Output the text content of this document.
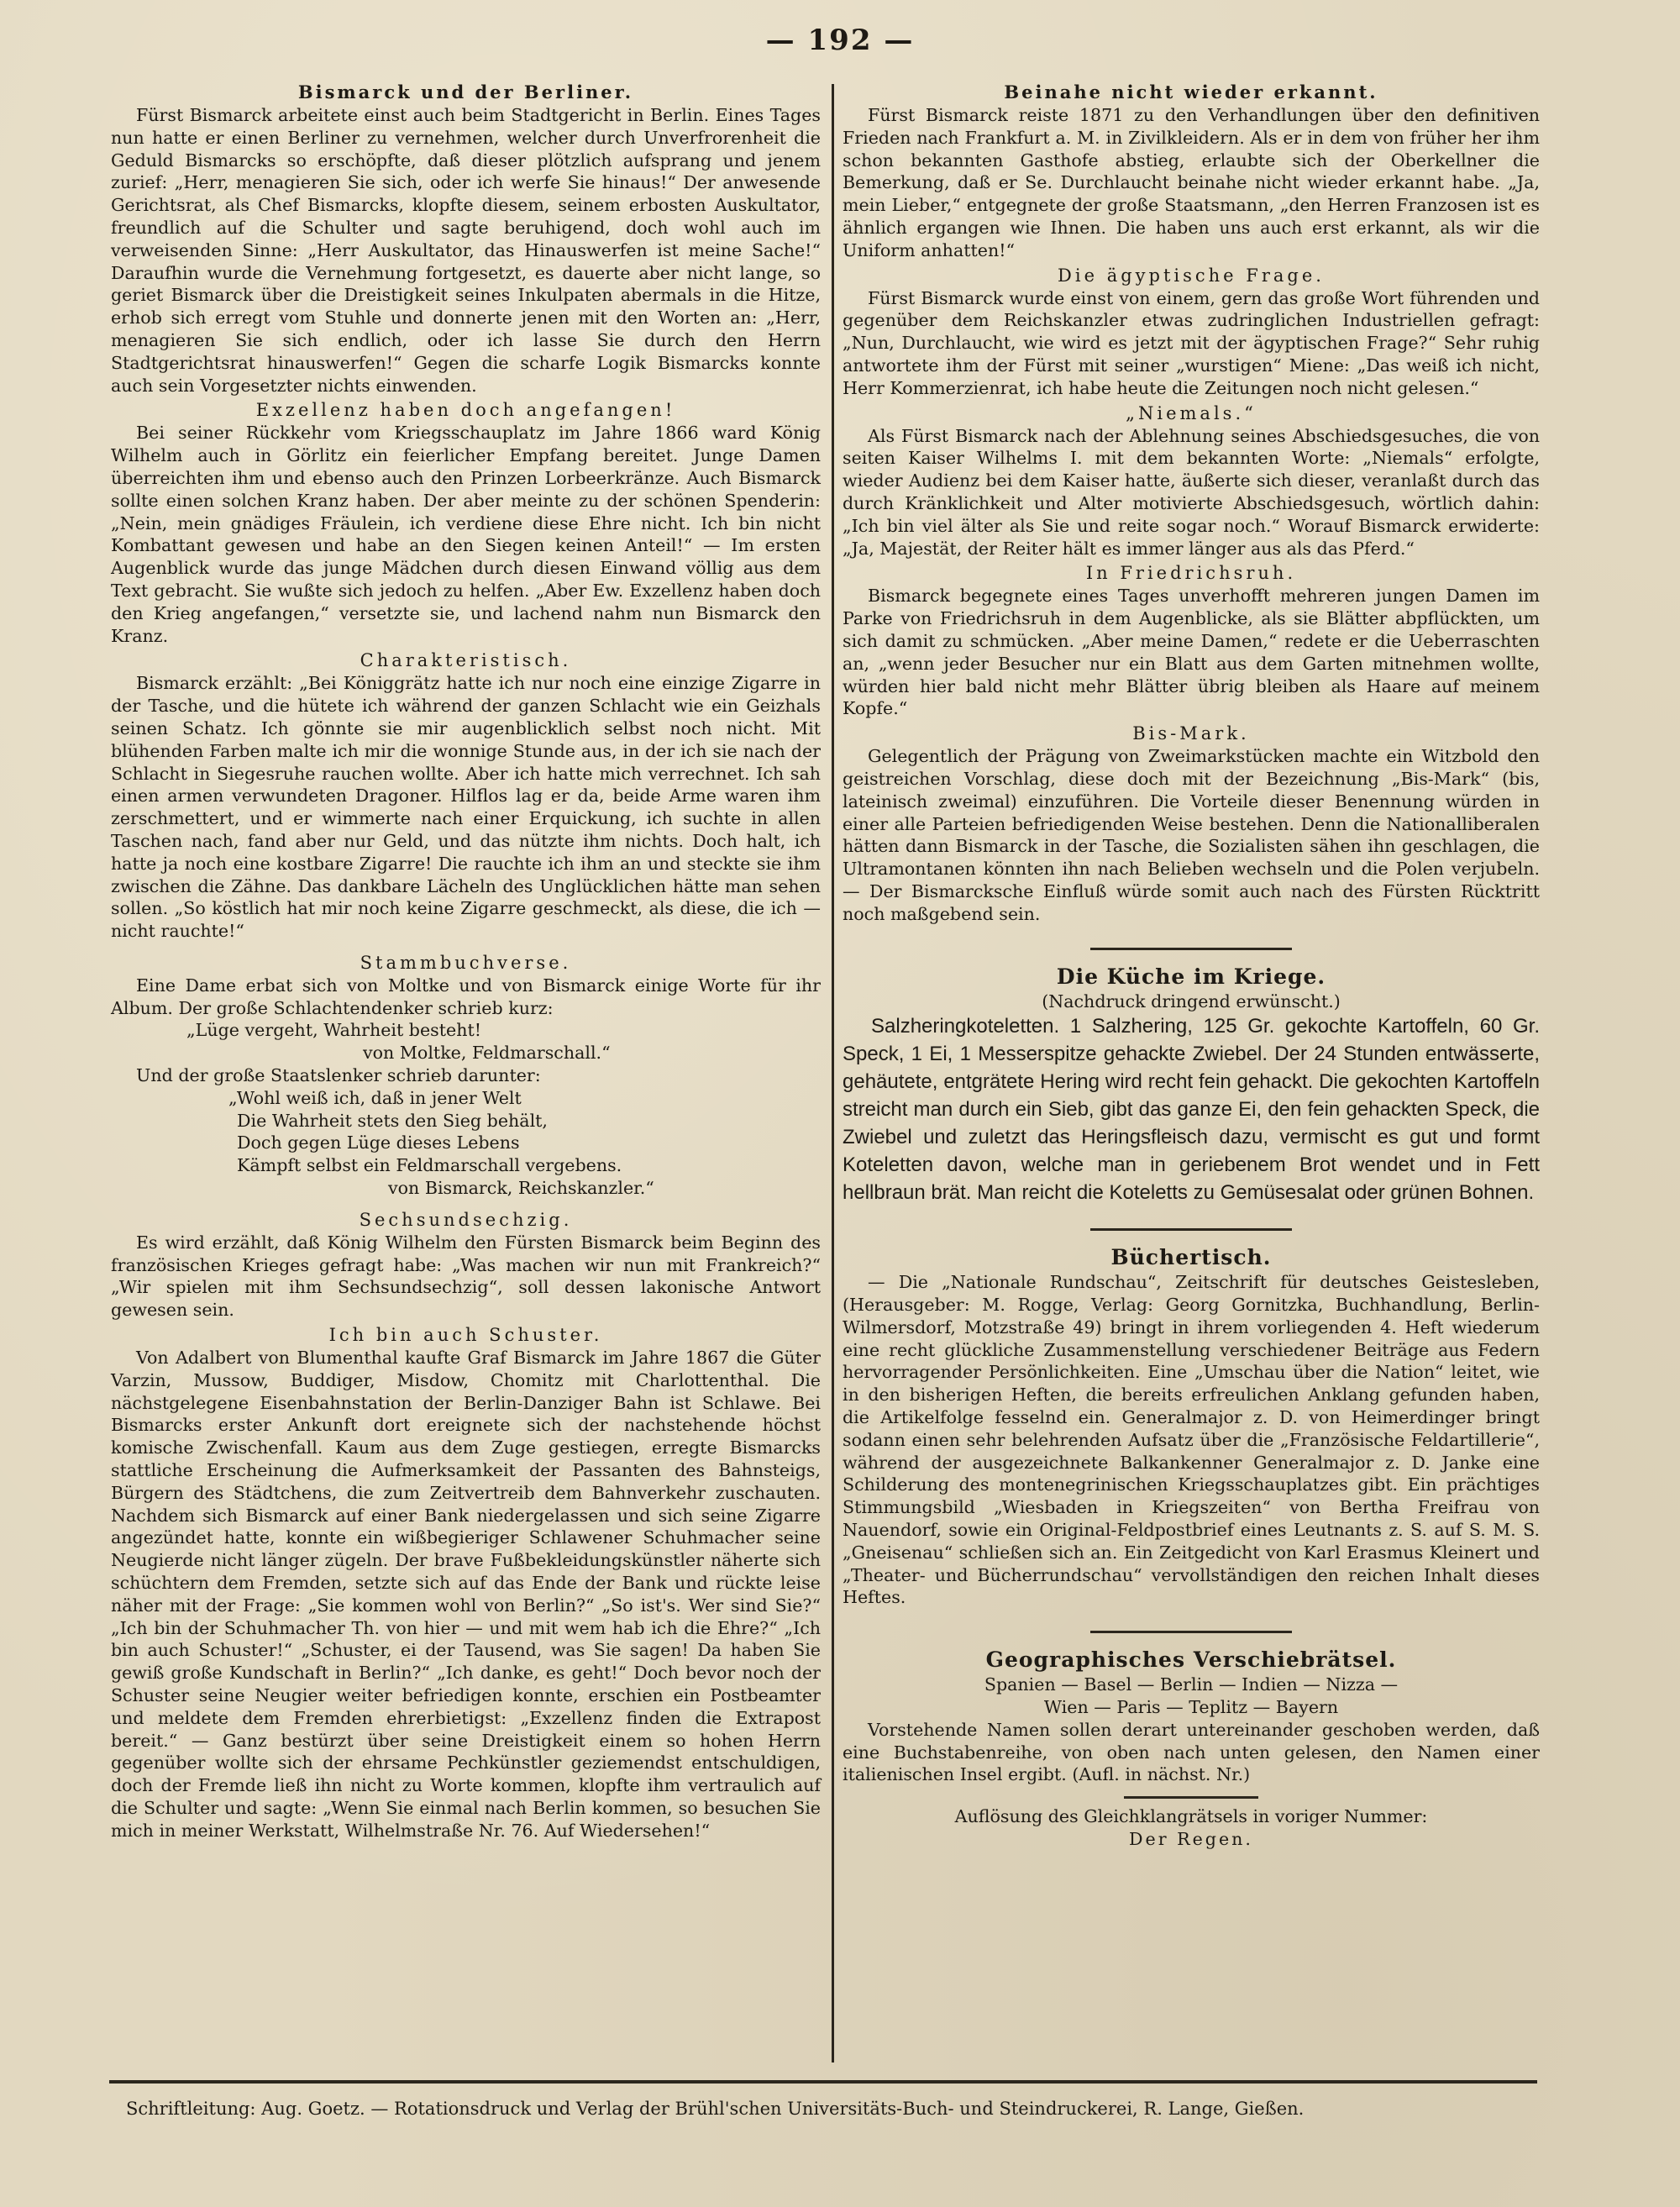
— 192 —
Bismarck und der Berliner.

Fürst Bismarck arbeitete einst auch beim Stadtgericht in Berlin. Eines Tages nun hatte er einen Berliner zu vernehmen, welcher durch Unverfrorenheit die Geduld Bismarcks so erschöpfte, daß dieser plötzlich aufsprang und jenem zurief: „Herr, menagieren Sie sich, oder ich werfe Sie hinaus!“ Der anwesende Gerichtsrat, als Chef Bismarcks, klopfte diesem, seinem erbosten Auskultator, freundlich auf die Schulter und sagte beruhigend, doch wohl auch im verweisenden Sinne: „Herr Auskultator, das Hinauswerfen ist meine Sache!“ Daraufhin wurde die Vernehmung fortgesetzt, es dauerte aber nicht lange, so geriet Bismarck über die Dreistigkeit seines Inkulpaten abermals in die Hitze, erhob sich erregt vom Stuhle und donnerte jenen mit den Worten an: „Herr, menagieren Sie sich endlich, oder ich lasse Sie durch den Herrn Stadtgerichtsrat hinauswerfen!“ Gegen die scharfe Logik Bismarcks konnte auch sein Vorgesetzter nichts einwenden.

Exzellenz haben doch angefangen!

Bei seiner Rückkehr vom Kriegsschauplatz im Jahre 1866 ward König Wilhelm auch in Görlitz ein feierlicher Empfang bereitet. Junge Damen überreichten ihm und ebenso auch den Prinzen Lorbeerkränze. Auch Bismarck sollte einen solchen Kranz haben. Der aber meinte zu der schönen Spenderin: „Nein, mein gnädiges Fräulein, ich verdiene diese Ehre nicht. Ich bin nicht Kombattant gewesen und habe an den Siegen keinen Anteil!“ — Im ersten Augenblick wurde das junge Mädchen durch diesen Einwand völlig aus dem Text gebracht. Sie wußte sich jedoch zu helfen. „Aber Ew. Exzellenz haben doch den Krieg angefangen,“ versetzte sie, und lachend nahm nun Bismarck den Kranz.

Charakteristisch.

Bismarck erzählt: „Bei Königgrätz hatte ich nur noch eine einzige Zigarre in der Tasche, und die hütete ich während der ganzen Schlacht wie ein Geizhals seinen Schatz. Ich gönnte sie mir augenblicklich selbst noch nicht. Mit blühenden Farben malte ich mir die wonnige Stunde aus, in der ich sie nach der Schlacht in Siegesruhe rauchen wollte. Aber ich hatte mich verrechnet. Ich sah einen armen verwundeten Dragoner. Hilflos lag er da, beide Arme waren ihm zerschmettert, und er wimmerte nach einer Erquickung, ich suchte in allen Taschen nach, fand aber nur Geld, und das nützte ihm nichts. Doch halt, ich hatte ja noch eine kostbare Zigarre! Die rauchte ich ihm an und steckte sie ihm zwischen die Zähne. Das dankbare Lächeln des Unglücklichen hätte man sehen sollen. „So köstlich hat mir noch keine Zigarre geschmeckt, als diese, die ich — nicht rauchte!“

Stammbuchverse.

Eine Dame erbat sich von Moltke und von Bismarck einige Worte für ihr Album. Der große Schlachtendenker schrieb kurz:

„Lüge vergeht, Wahrheit besteht!
von Moltke, Feldmarschall.“

Und der große Staatslenker schrieb darunter:

„Wohl weiß ich, daß in jener Welt
Die Wahrheit stets den Sieg behält,
Doch gegen Lüge dieses Lebens
Kämpft selbst ein Feldmarschall vergebens.
von Bismarck, Reichskanzler.“
Sechsundsechzig.

Es wird erzählt, daß König Wilhelm den Fürsten Bismarck beim Beginn des französischen Krieges gefragt habe: „Was machen wir nun mit Frankreich?“ „Wir spielen mit ihm Sechsundsechzig“, soll dessen lakonische Antwort gewesen sein.

Ich bin auch Schuster.

Von Adalbert von Blumenthal kaufte Graf Bismarck im Jahre 1867 die Güter Varzin, Mussow, Buddiger, Misdow, Chomitz mit Charlottenthal. Die nächstgelegene Eisenbahnstation der Berlin-Danziger Bahn ist Schlawe. Bei Bismarcks erster Ankunft dort ereignete sich der nachstehende höchst komische Zwischenfall. Kaum aus dem Zuge gestiegen, erregte Bismarcks stattliche Erscheinung die Aufmerksamkeit der Passanten des Bahnsteigs, Bürgern des Städtchens, die zum Zeitvertreib dem Bahnverkehr zuschauten. Nachdem sich Bismarck auf einer Bank niedergelassen und sich seine Zigarre angezündet hatte, konnte ein wißbegieriger Schlawener Schuhmacher seine Neugierde nicht länger zügeln. Der brave Fußbekleidungskünstler näherte sich schüchtern dem Fremden, setzte sich auf das Ende der Bank und rückte leise näher mit der Frage: „Sie kommen wohl von Berlin?“ „So ist's. Wer sind Sie?“ „Ich bin der Schuhmacher Th. von hier — und mit wem hab ich die Ehre?“ „Ich bin auch Schuster!“ „Schuster, ei der Tausend, was Sie sagen! Da haben Sie gewiß große Kundschaft in Berlin?“ „Ich danke, es geht!“ Doch bevor noch der Schuster seine Neugier weiter befriedigen konnte, erschien ein Postbeamter und meldete dem Fremden ehrerbietigst: „Exzellenz finden die Extrapost bereit.“ — Ganz bestürzt über seine Dreistigkeit einem so hohen Herrn gegenüber wollte sich der ehrsame Pechkünstler geziemendst entschuldigen, doch der Fremde ließ ihn nicht zu Worte kommen, klopfte ihm vertraulich auf die Schulter und sagte: „Wenn Sie einmal nach Berlin kommen, so besuchen Sie mich in meiner Werkstatt, Wilhelmstraße Nr. 76. Auf Wiedersehen!“

Beinahe nicht wieder erkannt.

Fürst Bismarck reiste 1871 zu den Verhandlungen über den definitiven Frieden nach Frankfurt a. M. in Zivilkleidern. Als er in dem von früher her ihm schon bekannten Gasthofe abstieg, erlaubte sich der Oberkellner die Bemerkung, daß er Se. Durchlaucht beinahe nicht wieder erkannt habe. „Ja, mein Lieber,“ entgegnete der große Staatsmann, „den Herren Franzosen ist es ähnlich ergangen wie Ihnen. Die haben uns auch erst erkannt, als wir die Uniform anhatten!“

Die ägyptische Frage.

Fürst Bismarck wurde einst von einem, gern das große Wort führenden und gegenüber dem Reichskanzler etwas zudringlichen Industriellen gefragt: „Nun, Durchlaucht, wie wird es jetzt mit der ägyptischen Frage?“ Sehr ruhig antwortete ihm der Fürst mit seiner „wurstigen“ Miene: „Das weiß ich nicht, Herr Kommerzienrat, ich habe heute die Zeitungen noch nicht gelesen.“

„Niemals.“

Als Fürst Bismarck nach der Ablehnung seines Abschiedsgesuches, die von seiten Kaiser Wilhelms I. mit dem bekannten Worte: „Niemals“ erfolgte, wieder Audienz bei dem Kaiser hatte, äußerte sich dieser, veranlaßt durch das durch Kränklichkeit und Alter motivierte Abschiedsgesuch, wörtlich dahin: „Ich bin viel älter als Sie und reite sogar noch.“ Worauf Bismarck erwiderte: „Ja, Majestät, der Reiter hält es immer länger aus als das Pferd.“

In Friedrichsruh.

Bismarck begegnete eines Tages unverhofft mehreren jungen Damen im Parke von Friedrichsruh in dem Augenblicke, als sie Blätter abpflückten, um sich damit zu schmücken. „Aber meine Damen,“ redete er die Ueberraschten an, „wenn jeder Besucher nur ein Blatt aus dem Garten mitnehmen wollte, würden hier bald nicht mehr Blätter übrig bleiben als Haare auf meinem Kopfe.“

Bis-Mark.

Gelegentlich der Prägung von Zweimarkstücken machte ein Witzbold den geistreichen Vorschlag, diese doch mit der Bezeichnung „Bis-Mark“ (bis, lateinisch zweimal) einzuführen. Die Vorteile dieser Benennung würden in einer alle Parteien befriedigenden Weise bestehen. Denn die Nationalliberalen hätten dann Bismarck in der Tasche, die Sozialisten sähen ihn geschlagen, die Ultramontanen könnten ihn nach Belieben wechseln und die Polen verjubeln. — Der Bismarcksche Einfluß würde somit auch nach des Fürsten Rücktritt noch maßgebend sein.

Die Küche im Kriege.
(Nachdruck dringend erwünscht.)

Salzheringkoteletten. 1 Salzhering, 125 Gr. gekochte Kartoffeln, 60 Gr. Speck, 1 Ei, 1 Messerspitze gehackte Zwiebel. Der 24 Stunden entwässerte, gehäutete, entgrätete Hering wird recht fein gehackt. Die gekochten Kartoffeln streicht man durch ein Sieb, gibt das ganze Ei, den fein gehackten Speck, die Zwiebel und zuletzt das Heringsfleisch dazu, vermischt es gut und formt Koteletten davon, welche man in geriebenem Brot wendet und in Fett hellbraun brät. Man reicht die Koteletts zu Gemüsesalat oder grünen Bohnen.

Büchertisch.

— Die „Nationale Rundschau“, Zeitschrift für deutsches Geistesleben, (Herausgeber: M. Rogge, Verlag: Georg Gornitzka, Buchhandlung, Berlin-Wilmersdorf, Motzstraße 49) bringt in ihrem vorliegenden 4. Heft wiederum eine recht glückliche Zusammenstellung verschiedener Beiträge aus Federn hervorragender Persönlichkeiten. Eine „Umschau über die Nation“ leitet, wie in den bisherigen Heften, die bereits erfreulichen Anklang gefunden haben, die Artikelfolge fesselnd ein. Generalmajor z. D. von Heimerdinger bringt sodann einen sehr belehrenden Aufsatz über die „Französische Feldartillerie“, während der ausgezeichnete Balkankenner Generalmajor z. D. Janke eine Schilderung des montenegrinischen Kriegsschauplatzes gibt. Ein prächtiges Stimmungsbild „Wiesbaden in Kriegszeiten“ von Bertha Freifrau von Nauendorf, sowie ein Original-Feldpostbrief eines Leutnants z. S. auf S. M. S. „Gneisenau“ schließen sich an. Ein Zeitgedicht von Karl Erasmus Kleinert und „Theater- und Bücherrundschau“ vervollständigen den reichen Inhalt dieses Heftes.

Geographisches Verschiebrätsel.
Spanien — Basel — Berlin — Indien — Nizza —
Wien — Paris — Teplitz — Bayern

Vorstehende Namen sollen derart untereinander geschoben werden, daß eine Buchstabenreihe, von oben nach unten gelesen, den Namen einer italienischen Insel ergibt. (Aufl. in nächst. Nr.)

Auflösung des Gleichklangrätsels in voriger Nummer:
Der Regen.
Schriftleitung: Aug. Goetz. — Rotationsdruck und Verlag der Brühl'schen Universitäts-Buch- und Steindruckerei, R. Lange, Gießen.
